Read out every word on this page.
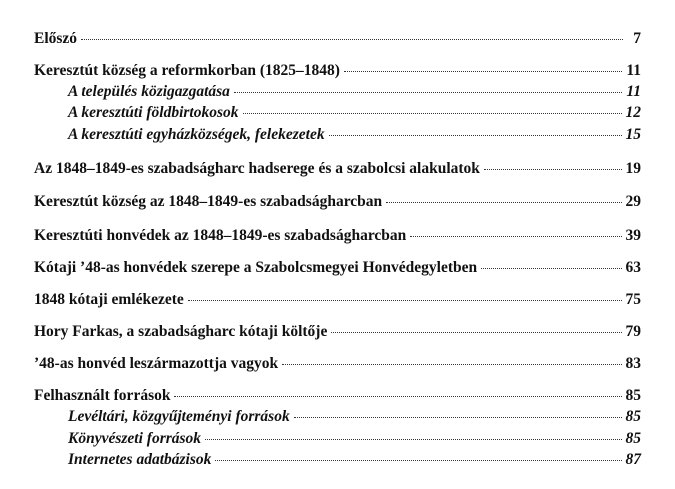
Előszó	7
Keresztút község a reformkorban (1825–1848)	11
A település közigazgatása	11
A keresztúti földbirtokosok	12
A keresztúti egyházközségek, felekezetek	15
Az 1848–1849-es szabadságharc hadserege és a szabolcsi alakulatok	19
Keresztút község az 1848–1849-es szabadságharcban	29
Keresztúti honvédek az 1848–1849-es szabadságharcban	39
Kótaji ’48-as honvédek szerepe a Szabolcsmegyei Honvédegyletben	63
1848 kótaji emlékezete	75
Hory Farkas, a szabadságharc kótaji költője	79
’48-as honvéd leszármazottja vagyok	83
Felhasznált források	85
Levéltári, közgyűjteményi források	85
Könyvészeti források	85
Internetes adatbázisok	87
